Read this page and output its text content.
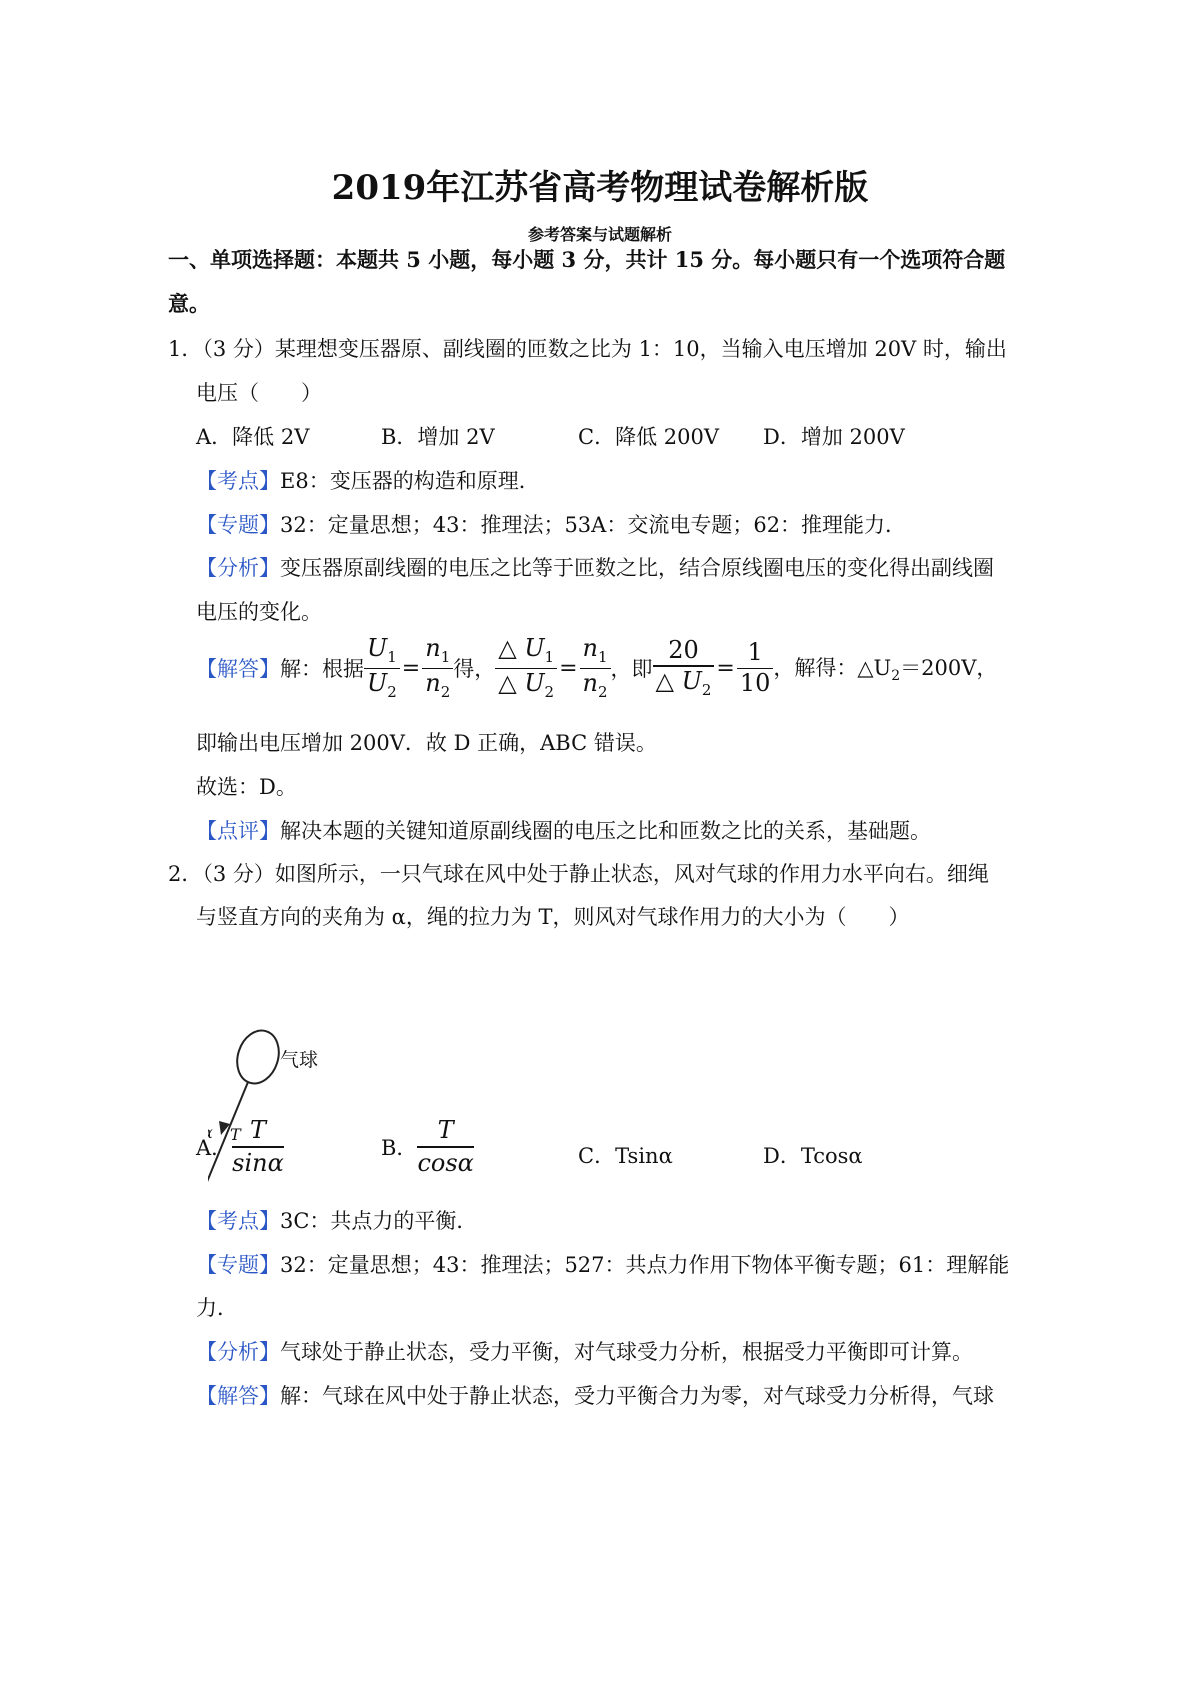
2019年江苏省高考物理试卷解析版
参考答案与试题解析
一、单项选择题：本题共 5 小题，每小题 3 分，共计 15 分。每小题只有一个选项符合题
意。
1．（3 分）某理想变压器原、副线圈的匝数之比为 1：10，当输入电压增加 20V 时，输出
电压（　　）
A．降低 2V	B．增加 2V	C．降低 200V D．增加 200V
【考点】E8：变压器的构造和原理．
【专题】32：定量思想；43：推理法；53A：交流电专题；62：推理能力．
【分析】变压器原副线圈的电压之比等于匝数之比，结合原线圈电压的变化得出副线圈
电压的变化。
【解答】 解：根据 $\frac{U_1}{U_2} = \frac{n_1}{n_2}$ 得， $\frac{\triangle U_1}{\triangle U_2} = \frac{n_1}{n_2}$ ，即 $\frac{20}{\triangle U_2} = \frac{1}{10}$ ，解得：$\triangle U_2=200V$，
即输出电压增加 200V．故 D 正确，ABC 错误。
故选：D。
【点评】解决本题的关键知道原副线圈的电压之比和匝数之比的关系，基础题。
2．（3 分）如图所示，一只气球在风中处于静止状态，风对气球的作用力水平向右。细绳
与竖直方向的夹角为 α，绳的拉力为 T，则风对气球作用力的大小为（　　）
气球
T
A．
T
sinα
B．
T
cosα	C．Tsinα	D．Tcosα
【考点】3C：共点力的平衡．
【专题】32：定量思想；43：推理法；527：共点力作用下物体平衡专题；61：理解能
力．
【分析】气球处于静止状态，受力平衡，对气球受力分析，根据受力平衡即可计算。
【解答】解：气球在风中处于静止状态，受力平衡合力为零，对气球受力分析得，气球
